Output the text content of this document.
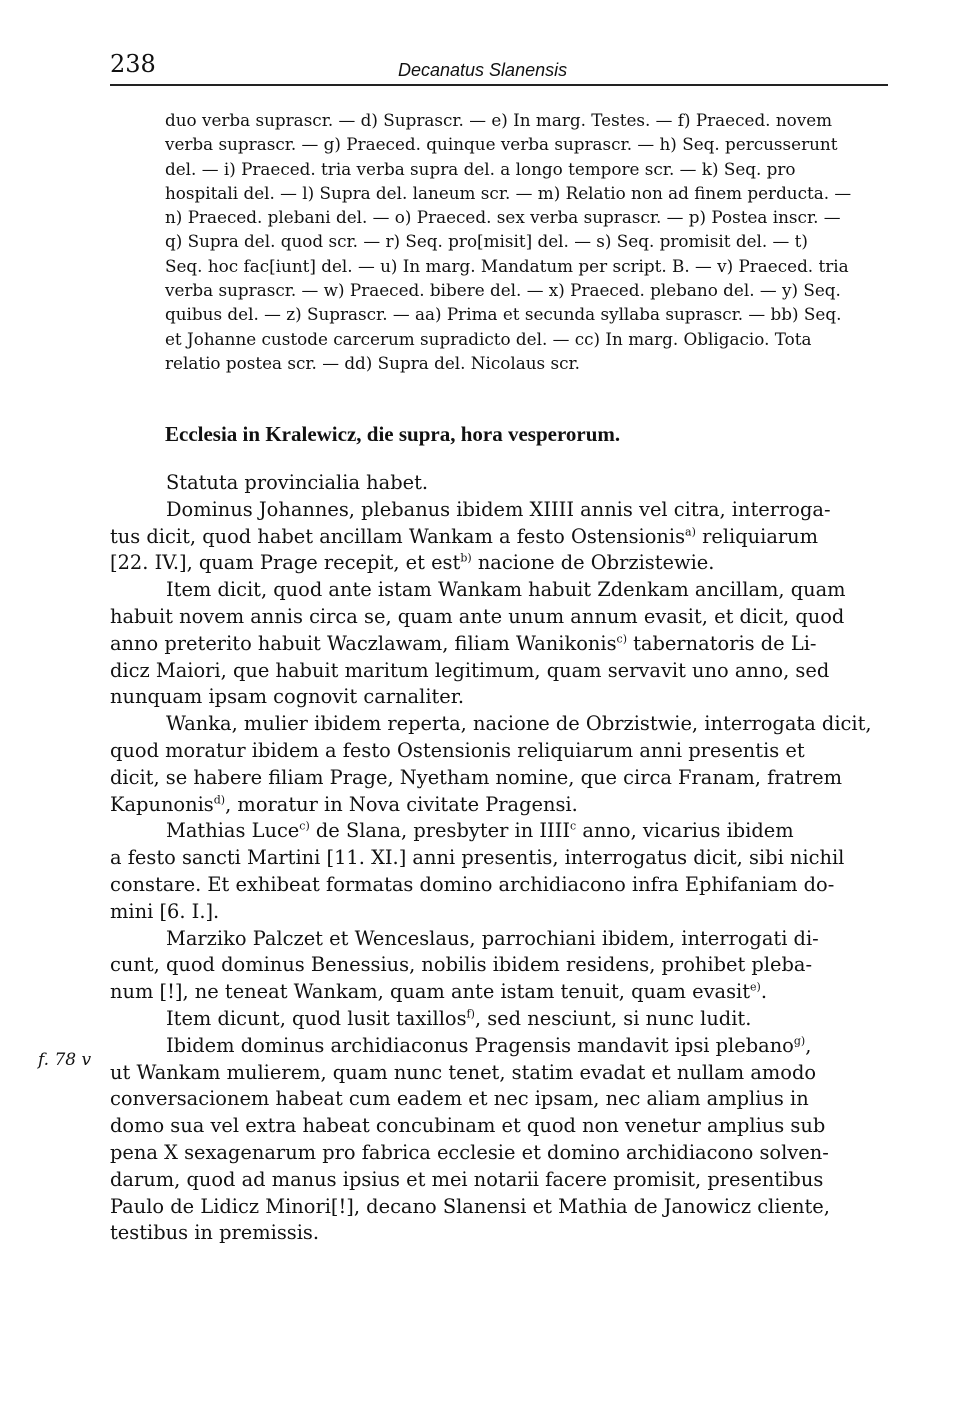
238	Decanatus Slanensis
duo verba suprascr. — d) Suprascr. — e) In marg. Testes. — f) Praeced. novem
verba suprascr. — g) Praeced. quinque verba suprascr. — h) Seq. percusserunt
del. — i) Praeced. tria verba supra del. a longo tempore scr. — k) Seq. pro
hospitali del. — l) Supra del. laneum scr. — m) Relatio non ad finem perducta. —
n) Praeced. plebani del. — o) Praeced. sex verba suprascr. — p) Postea inscr. —
q) Supra del. quod scr. — r) Seq. pro[misit] del. — s) Seq. promisit del. — t)
Seq. hoc fac[iunt] del. — u) In marg. Mandatum per script. B. — v) Praeced. tria
verba suprascr. — w) Praeced. bibere del. — x) Praeced. plebano del. — y) Seq.
quibus del. — z) Suprascr. — aa) Prima et secunda syllaba suprascr. — bb) Seq.
et Johanne custode carcerum supradicto del. — cc) In marg. Obligacio. Tota
relatio postea scr. — dd) Supra del. Nicolaus scr.
Ecclesia in Kralewicz, die supra, hora vesperorum.
f. 78 v
Statuta provincialia habet.
Dominus Johannes, plebanus ibidem XIIII annis vel citra, interroga-
tus dicit, quod habet ancillam Wankam a festo Ostensionis$^{a)}$ reliquiarum
[22. IV.], quam Prage recepit, et est$^{b)}$ nacione de Obrzistewie.
Item dicit, quod ante istam Wankam habuit Zdenkam ancillam, quam
habuit novem annis circa se, quam ante unum annum evasit, et dicit, quod
anno preterito habuit Waczlawam, filiam Wanikonis$^{c)}$ tabernatoris de Li-
dicz Maiori, que habuit maritum legitimum, quam servavit uno anno, sed
nunquam ipsam cognovit carnaliter.
Wanka, mulier ibidem reperta, nacione de Obrzistwie, interrogata dicit,
quod moratur ibidem a festo Ostensionis reliquiarum anni presentis et
dicit, se habere filiam Prage, Nyetham nomine, que circa Franam, fratrem
Kapunonis$^{d)}$, moratur in Nova civitate Pragensi.
Mathias Luce$^{c)}$ de Slana, presbyter in IIII$^c$ anno, vicarius ibidem
a festo sancti Martini [11. XI.] anni presentis, interrogatus dicit, sibi nichil
constare. Et exhibeat formatas domino archidiacono infra Ephifaniam do-
mini [6. I.].
Marziko Palczet et Wenceslaus, parrochiani ibidem, interrogati di-
cunt, quod dominus Benessius, nobilis ibidem residens, prohibet pleba-
num [!], ne teneat Wankam, quam ante istam tenuit, quam evasit$^{e)}$.
Item dicunt, quod lusit taxillos$^{f)}$, sed nesciunt, si nunc ludit.
Ibidem dominus archidiaconus Pragensis mandavit ipsi plebano$^{g)}$,
ut Wankam mulierem, quam nunc tenet, statim evadat et nullam amodo
conversacionem habeat cum eadem et nec ipsam, nec aliam amplius in
domo sua vel extra habeat concubinam et quod non venetur amplius sub
pena X sexagenarum pro fabrica ecclesie et domino archidiacono solven-
darum, quod ad manus ipsius et mei notarii facere promisit, presentibus
Paulo de Lidicz Minori[!], decano Slanensi et Mathia de Janowicz cliente,
testibus in premissis.
